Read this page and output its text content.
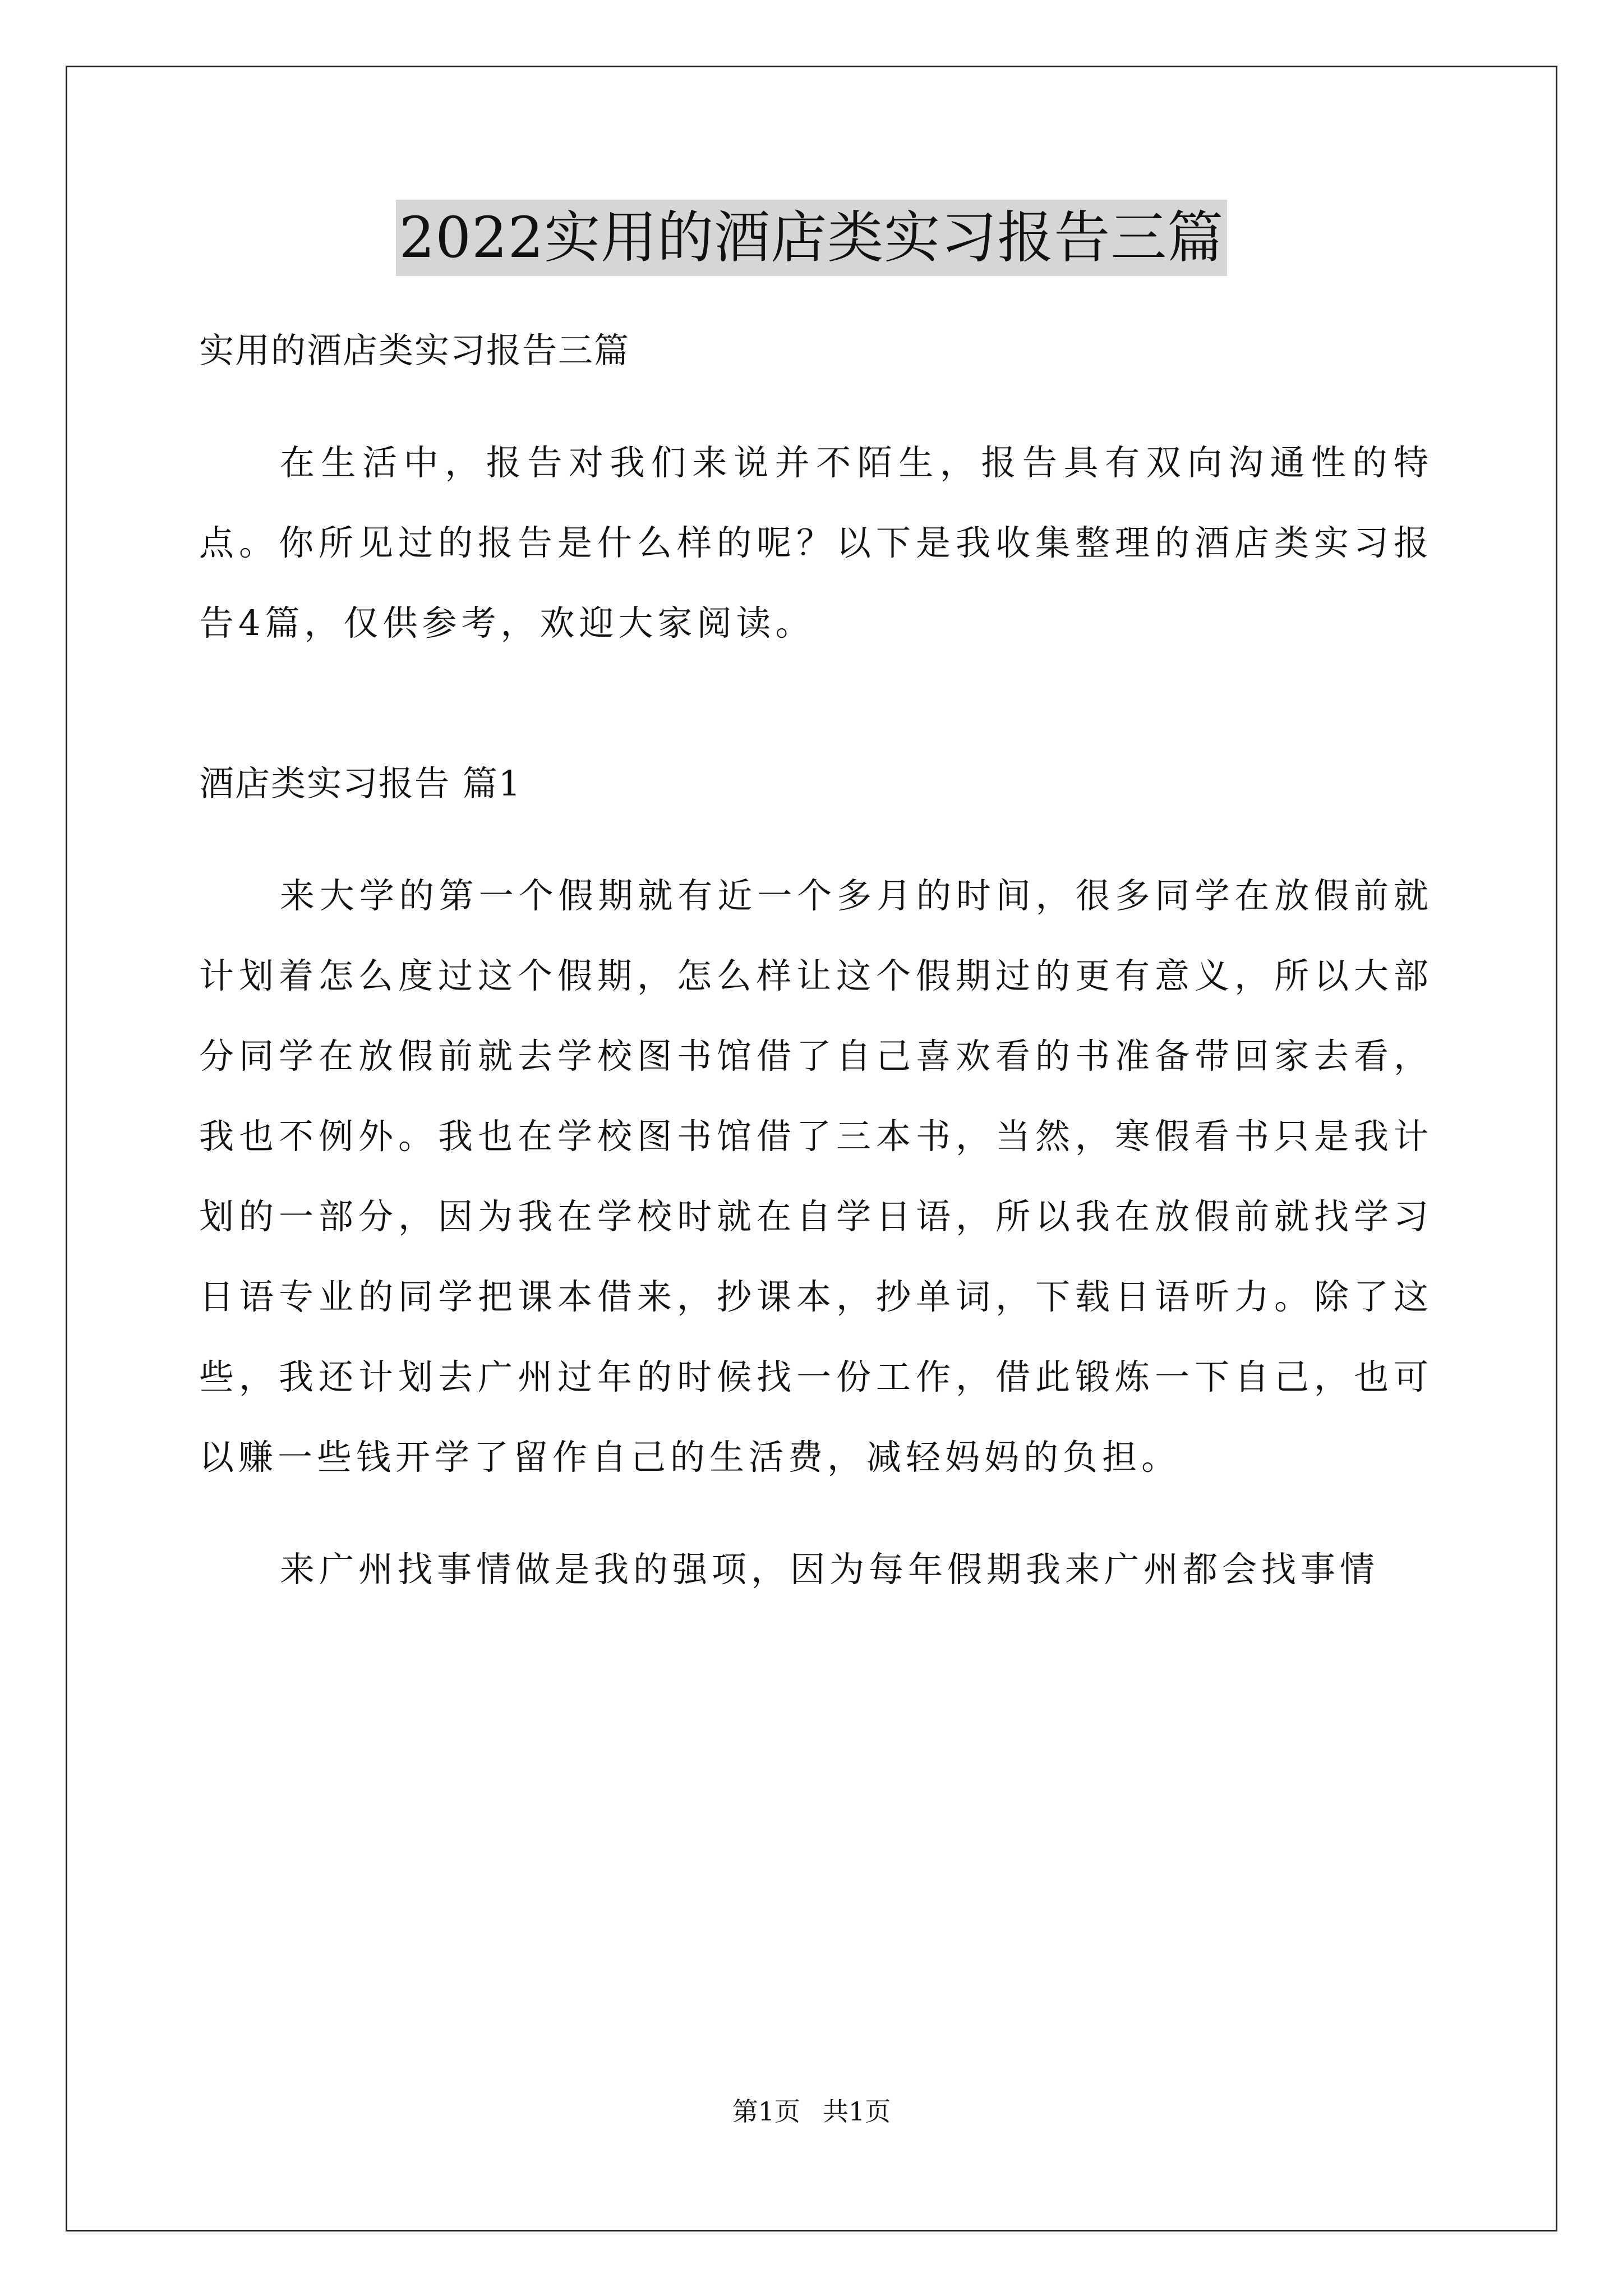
2022实用的酒店类实习报告三篇

实用的酒店类实习报告三篇

在生活中，报告对我们来说并不陌生，报告具有双向沟通性的特点。你所见过的报告是什么样的呢？以下是我收集整理的酒店类实习报告4篇，仅供参考，欢迎大家阅读。

酒店类实习报告 篇1

来大学的第一个假期就有近一个多月的时间，很多同学在放假前就计划着怎么度过这个假期，怎么样让这个假期过的更有意义，所以大部分同学在放假前就去学校图书馆借了自己喜欢看的书准备带回家去看，我也不例外。我也在学校图书馆借了三本书，当然，寒假看书只是我计划的一部分，因为我在学校时就在自学日语，所以我在放假前就找学习日语专业的同学把课本借来，抄课本，抄单词，下载日语听力。除了这些，我还计划去广州过年的时候找一份工作，借此锻炼一下自己，也可以赚一些钱开学了留作自己的生活费，减轻妈妈的负担。

来广州找事情做是我的强项，因为每年假期我来广州都会找事情

第1页 共1页
